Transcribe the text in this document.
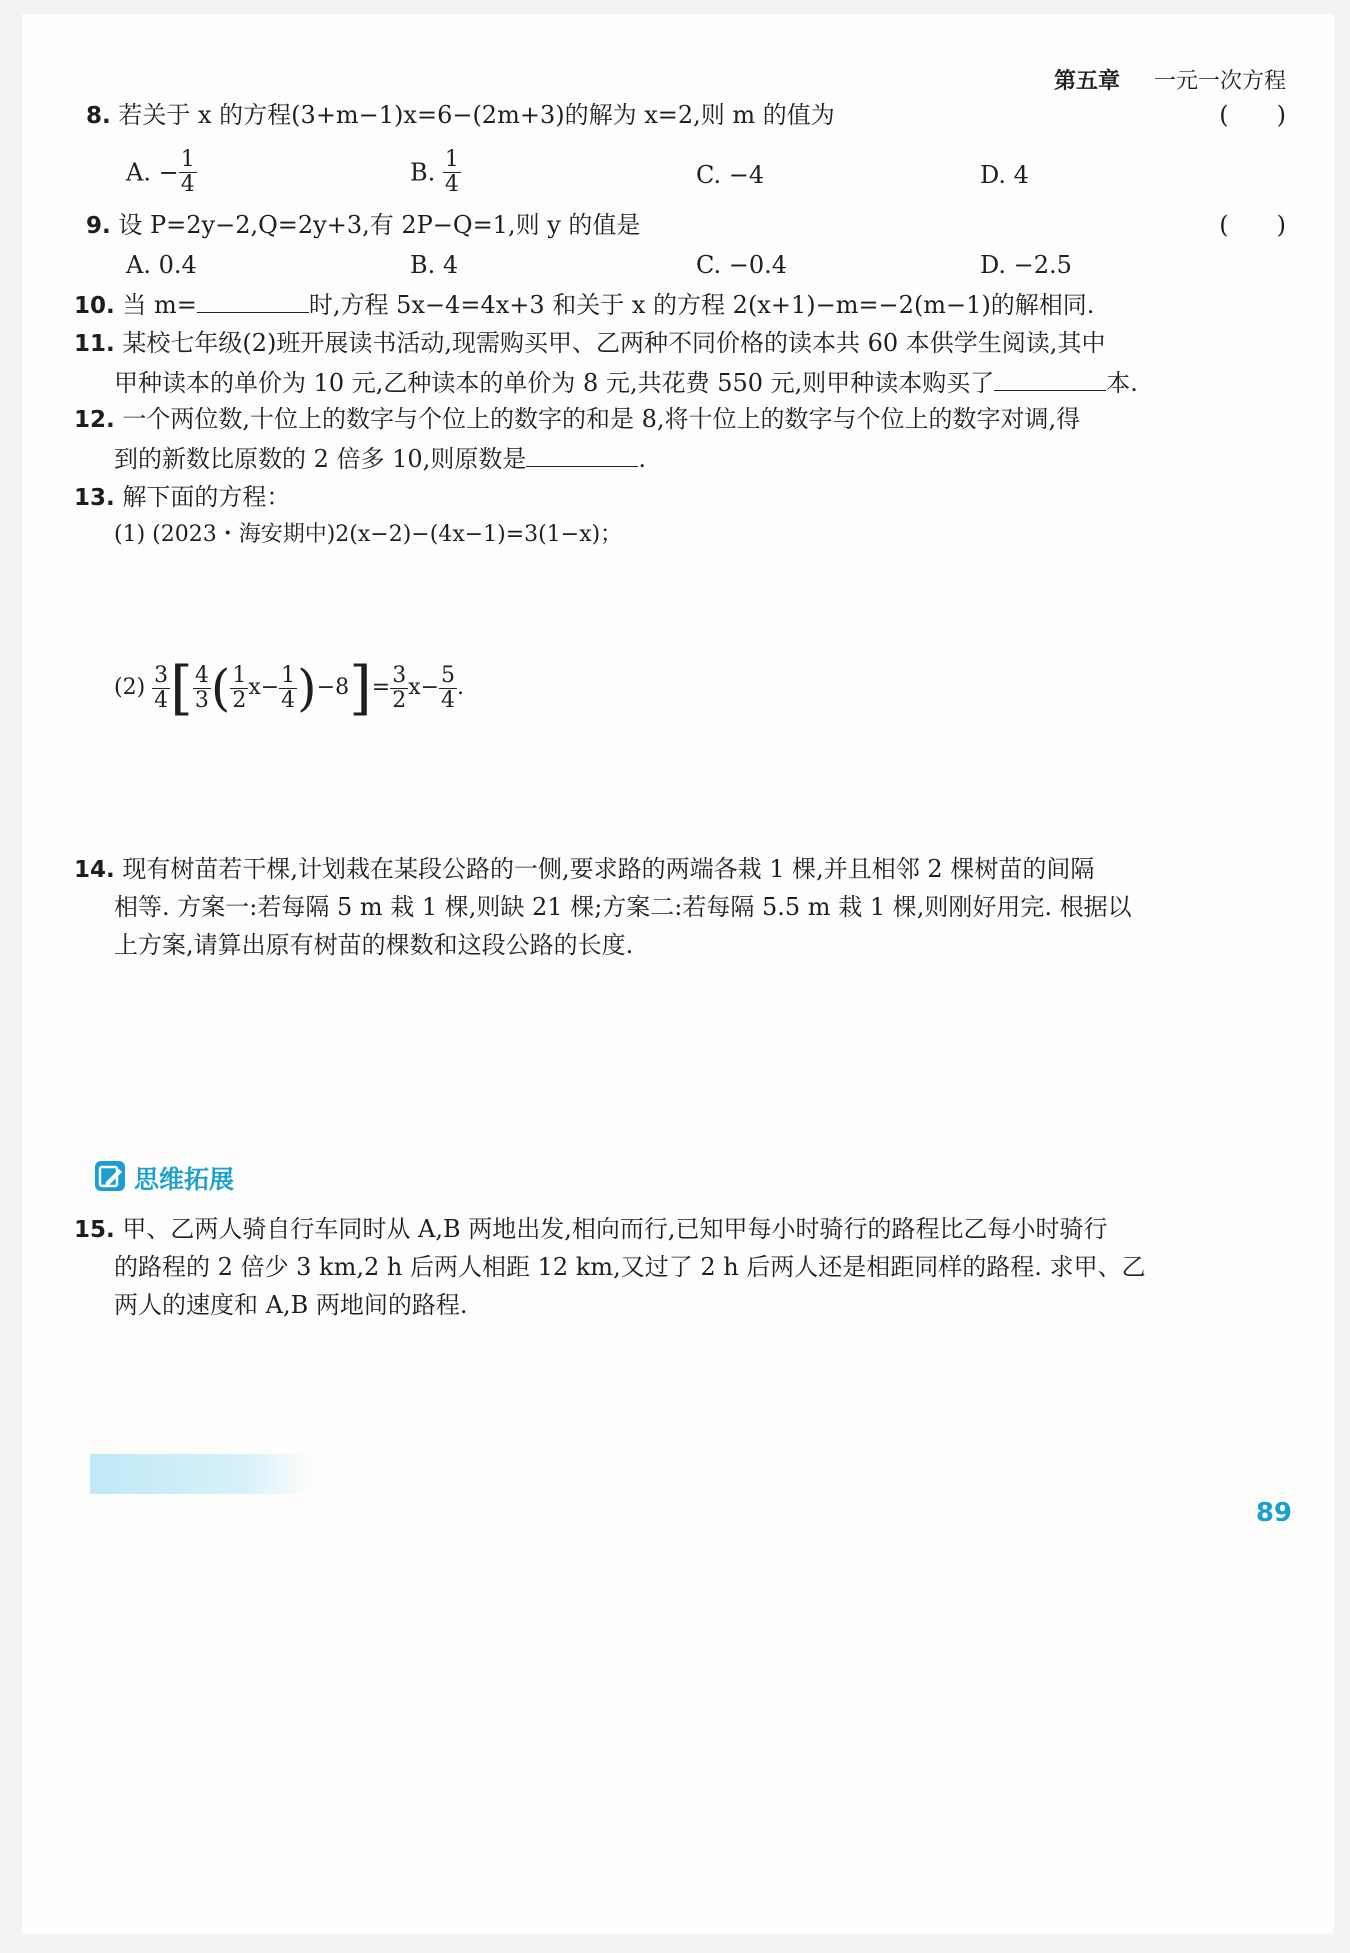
第五章 一元一次方程
8. 若关于 x 的方程(3+m−1)x=6−(2m+3)的解为 x=2,则 m 的值为	(　　)
A. − $\frac{1}{4}$	B. $\frac{1}{4}$	C. −4	D. 4
9. 设 P=2y−2,Q=2y+3,有 2P−Q=1,则 y 的值是	(　　)
A. 0.4	B. 4	C. −0.4	D. −2.5
10. 当 m=	时,方程 5x−4=4x+3 和关于 x 的方程 2(x+1)−m=−2(m−1)的解相同.
11. 某校七年级(2)班开展读书活动,现需购买甲、乙两种不同价格的读本共 60 本供学生阅读,其中
甲种读本的单价为 10 元,乙种读本的单价为 8 元,共花费 550 元,则甲种读本购买了	本.
12. 一个两位数,十位上的数字与个位上的数字的和是 8,将十位上的数字与个位上的数字对调,得
到的新数比原数的 2 倍多 10,则原数是	.
13. 解下面的方程：
(1) (2023・海安期中)2(x−2)−(4x−1)=3(1−x)；
$(2) \frac{3}{4}$ [ $\frac{4}{3}$ ( $\frac{1}{2} x- \frac{1}{4} )-8]= \frac{3}{2} x- \frac{5}{4}$ .
14. 现有树苗若干棵,计划栽在某段公路的一侧,要求路的两端各栽 1 棵,并且相邻 2 棵树苗的间隔
相等. 方案一:若每隔 5 m 栽 1 棵,则缺 21 棵;方案二:若每隔 5.5 m 栽 1 棵,则刚好用完. 根据以
上方案,请算出原有树苗的棵数和这段公路的长度.
思维拓展
15. 甲、乙两人骑自行车同时从 A,B 两地出发,相向而行,已知甲每小时骑行的路程比乙每小时骑行
的路程的 2 倍少 3 km,2 h 后两人相距 12 km,又过了 2 h 后两人还是相距同样的路程. 求甲、乙
两人的速度和 A,B 两地间的路程.
89
